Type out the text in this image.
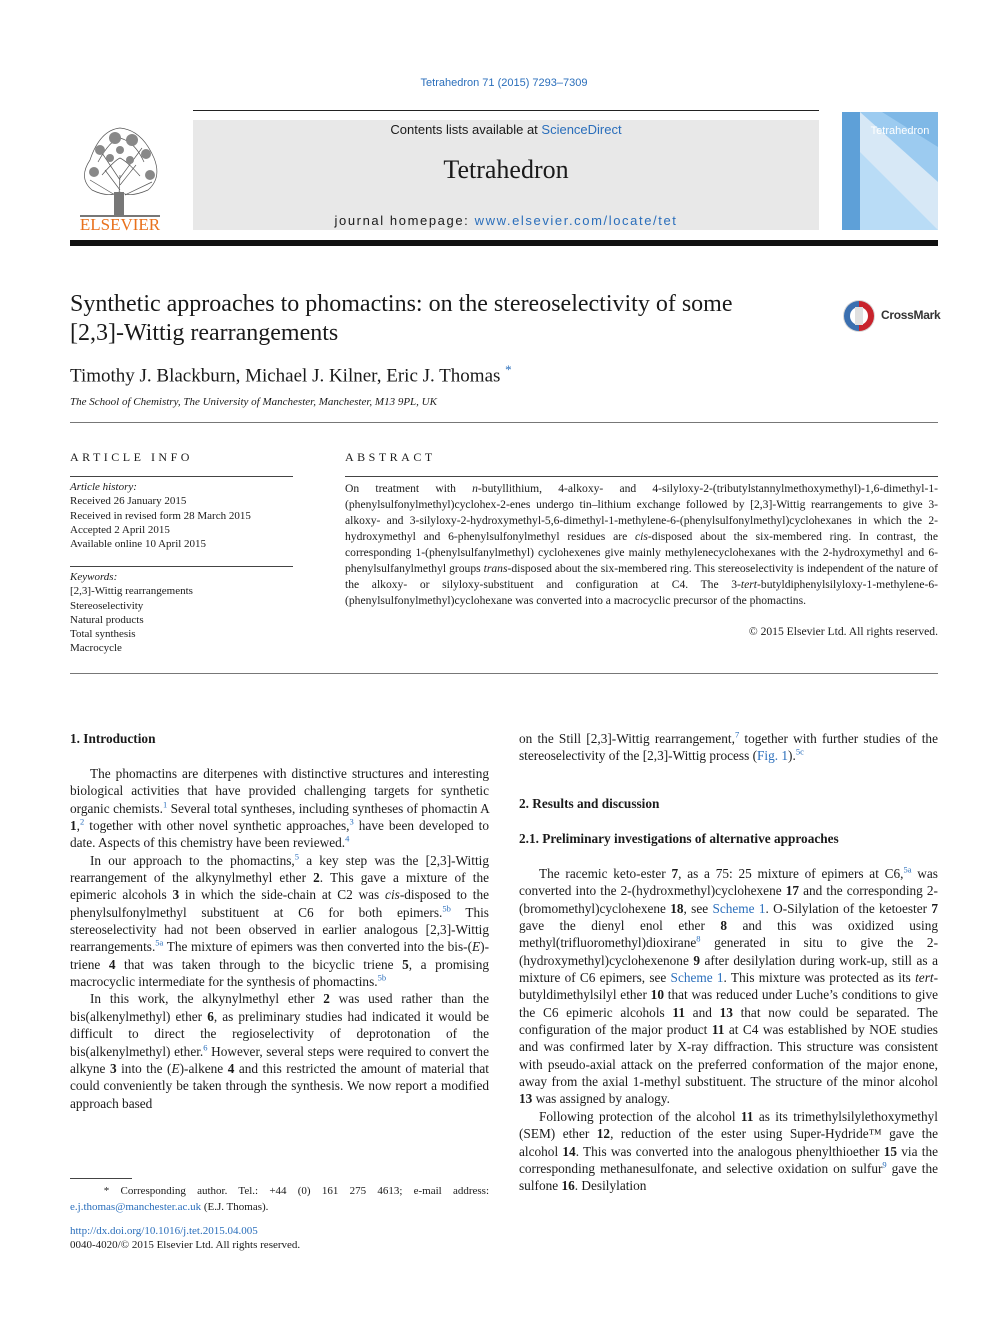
Tetrahedron 71 (2015) 7293–7309
ELSEVIER
Contents lists available at ScienceDirect
Tetrahedron
journal homepage: www.elsevier.com/locate/tet
Tetrahedron
Synthetic approaches to phomactins: on the stereoselectivity of some [2,3]-Wittig rearrangements
CrossMark
Timothy J. Blackburn, Michael J. Kilner, Eric J. Thomas *
The School of Chemistry, The University of Manchester, Manchester, M13 9PL, UK
ARTICLE INFO	ABSTRACT
Article history:
Received 26 January 2015
Received in revised form 28 March 2015
Accepted 2 April 2015
Available online 10 April 2015
Keywords:
[2,3]-Wittig rearrangements
Stereoselectivity
Natural products
Total synthesis
Macrocycle
On treatment with n-butyllithium, 4-alkoxy- and 4-silyloxy-2-(tributylstannylmethoxymethyl)-1,6-dimethyl-1-(phenylsulfonylmethyl)cyclohex-2-enes undergo tin–lithium exchange followed by [2,3]-Wittig rearrangements to give 3-alkoxy- and 3-silyloxy-2-hydroxymethyl-5,6-dimethyl-1-methylene-6-(phenylsulfonylmethyl)cyclohexanes in which the 2-hydroxymethyl and 6-phenylsulfonylmethyl residues are cis-disposed about the six-membered ring. In contrast, the corresponding 1-(phenylsulfanylmethyl) cyclohexenes give mainly methylenecyclohexanes with the 2-hydroxymethyl and 6-phenylsulfanylmethyl groups trans-disposed about the six-membered ring. This stereoselectivity is independent of the nature of the alkoxy- or silyloxy-substituent and configuration at C4. The 3-tert-butyldiphenylsilyloxy-1-methylene-6-(phenylsulfonylmethyl)cyclohexane was converted into a macrocyclic precursor of the phomactins.
© 2015 Elsevier Ltd. All rights reserved.
1. Introduction

The phomactins are diterpenes with distinctive structures and interesting biological activities that have provided challenging targets for synthetic organic chemists.$^1$ Several total syntheses, including syntheses of phomactin A 1,$^2$ together with other novel synthetic approaches,$^3$ have been developed to date. Aspects of this chemistry have been reviewed.$^4$

In our approach to the phomactins,$^5$ a key step was the [2,3]-Wittig rearrangement of the alkynylmethyl ether 2. This gave a mixture of the epimeric alcohols 3 in which the side-chain at C2 was cis-disposed to the phenylsulfonylmethyl substituent at C6 for both epimers.$^{5b}$ This stereoselectivity had not been observed in earlier analogous [2,3]-Wittig rearrangements.$^{5a}$ The mixture of epimers was then converted into the bis-(E)-triene 4 that was taken through to the bicyclic triene 5, a promising macrocyclic intermediate for the synthesis of phomactins.$^{5b}$

In this work, the alkynylmethyl ether 2 was used rather than the bis(alkenylmethyl) ether 6, as preliminary studies had indicated it would be difficult to direct the regioselectivity of deprotonation of the bis(alkenylmethyl) ether.$^6$ However, several steps were required to convert the alkyne 3 into the (E)-alkene 4 and this restricted the amount of material that could conveniently be taken through the synthesis. We now report a modified approach based

on the Still [2,3]-Wittig rearrangement,$^7$ together with further studies of the stereoselectivity of the [2,3]-Wittig process (Fig. 1).$^{5c}$

2. Results and discussion
2.1. Preliminary investigations of alternative approaches

The racemic keto-ester 7, as a 75: 25 mixture of epimers at C6,$^{5a}$ was converted into the 2-(hydroxmethyl)cyclohexene 17 and the corresponding 2-(bromomethyl)cyclohexene 18, see Scheme 1. O-Silylation of the ketoester 7 gave the dienyl enol ether 8 and this was oxidized using methyl(trifluoromethyl)dioxirane$^8$ generated in situ to give the 2-(hydroxymethyl)cyclohexenone 9 after desilylation during work-up, still as a mixture of C6 epimers, see Scheme 1. This mixture was protected as its tert-butyldimethylsilyl ether 10 that was reduced under Luche’s conditions to give the C6 epimeric alcohols 11 and 13 that now could be separated. The configuration of the major product 11 at C4 was established by NOE studies and was confirmed later by X-ray diffraction. This structure was consistent with pseudo-axial attack on the preferred conformation of the major enone, away from the axial 1-methyl substituent. The structure of the minor alcohol 13 was assigned by analogy.

Following protection of the alcohol 11 as its trimethylsilylethoxymethyl (SEM) ether 12, reduction of the ester using Super-Hydride™ gave the alcohol 14. This was converted into the analogous phenylthioether 15 via the corresponding methanesulfonate, and selective oxidation on sulfur$^9$ gave the sulfone 16. Desilylation

* Corresponding author. Tel.: +44 (0) 161 275 4613; e-mail address: e.j.thomas@manchester.ac.uk (E.J. Thomas).
http://dx.doi.org/10.1016/j.tet.2015.04.005
0040-4020/© 2015 Elsevier Ltd. All rights reserved.
